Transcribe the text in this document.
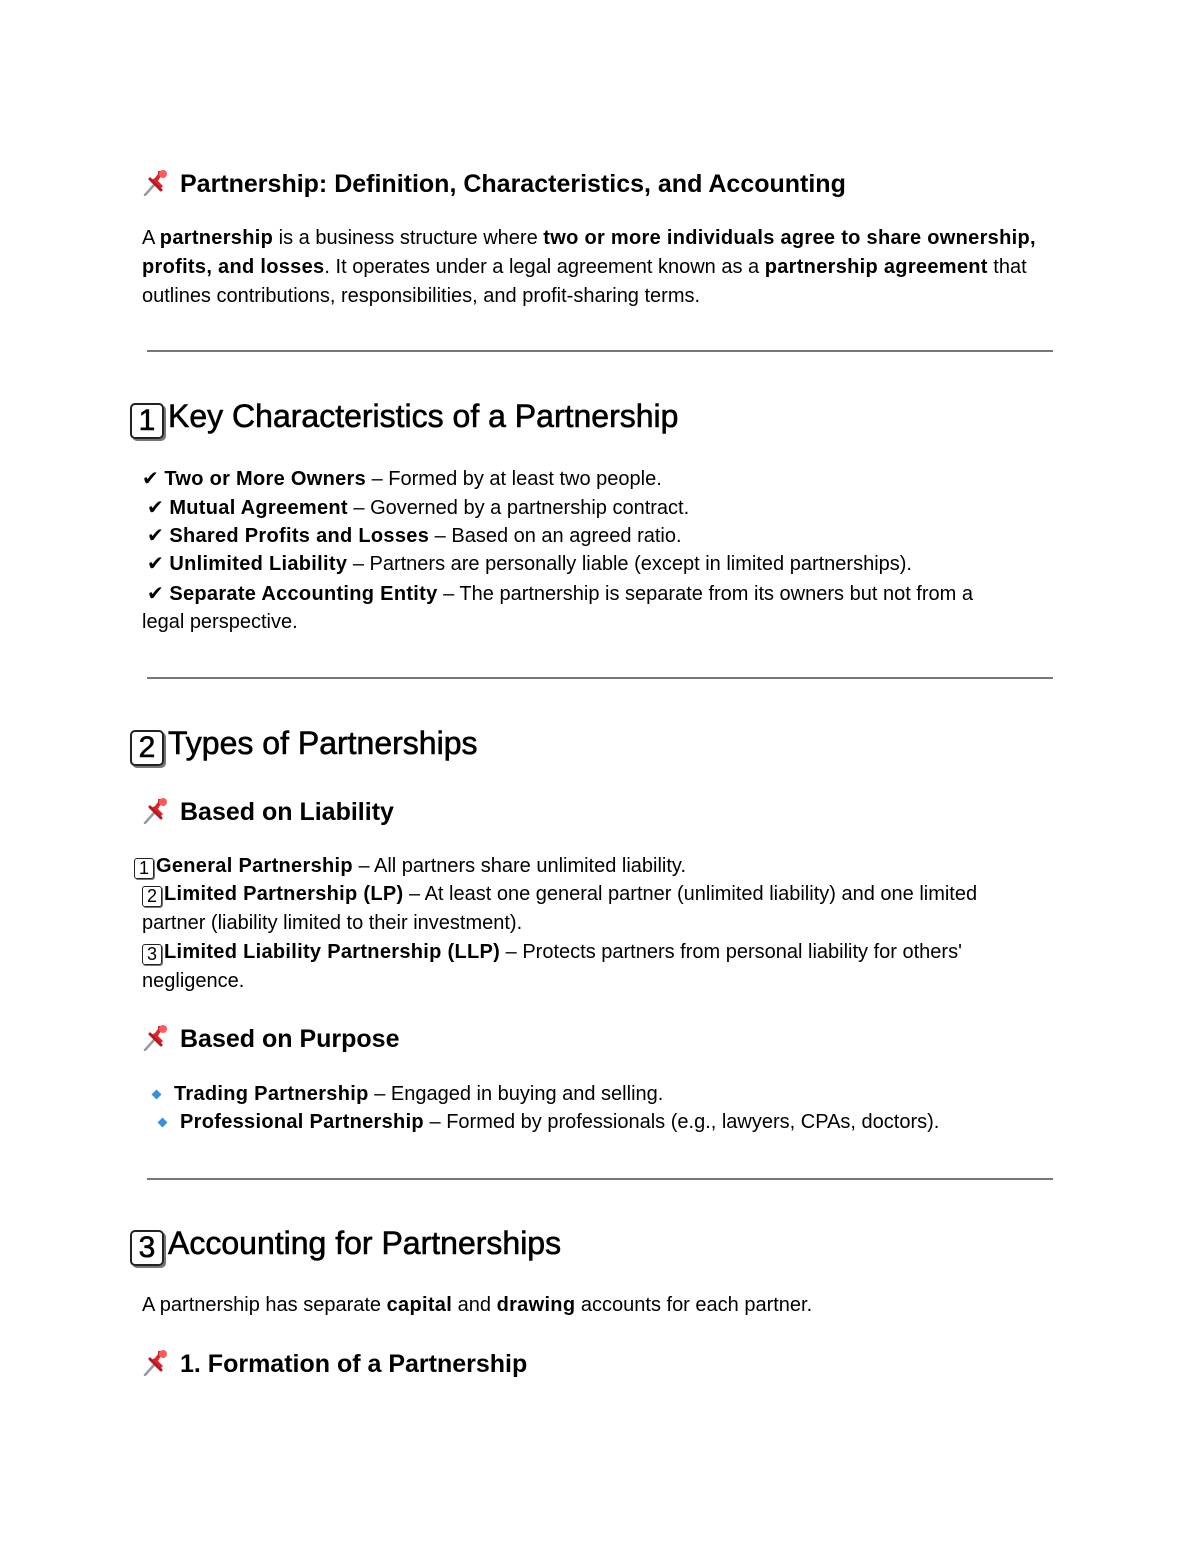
Partnership: Definition, Characteristics, and Accounting
A partnership is a business structure where two or more individuals agree to share ownership, profits, and losses. It operates under a legal agreement known as a partnership agreement that outlines contributions, responsibilities, and profit-sharing terms.
1 Key Characteristics of a Partnership
✔ Two or More Owners – Formed by at least two people.
✔ Mutual Agreement – Governed by a partnership contract.
✔ Shared Profits and Losses – Based on an agreed ratio.
✔ Unlimited Liability – Partners are personally liable (except in limited partnerships).
✔ Separate Accounting Entity – The partnership is separate from its owners but not from a
legal perspective.
2 Types of Partnerships
Based on Liability
1 General Partnership – All partners share unlimited liability.
2 Limited Partnership (LP) – At least one general partner (unlimited liability) and one limited
partner (liability limited to their investment).
3 Limited Liability Partnership (LLP) – Protects partners from personal liability for others'
negligence.
Based on Purpose
Trading Partnership – Engaged in buying and selling.
Professional Partnership – Formed by professionals (e.g., lawyers, CPAs, doctors).
3 Accounting for Partnerships
A partnership has separate capital and drawing accounts for each partner.
1. Formation of a Partnership
